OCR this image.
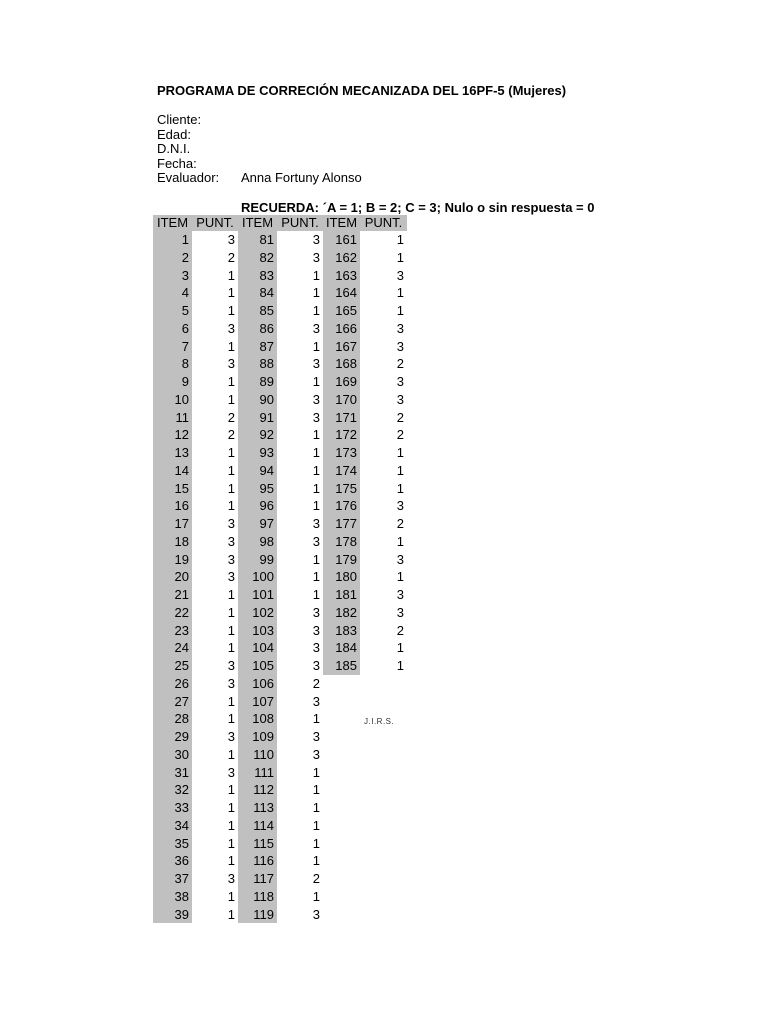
PROGRAMA DE CORRECIÓN MECANIZADA DEL 16PF-5 (Mujeres)
Cliente:
Edad:
D.N.I.
Fecha:
Evaluador: Anna Fortuny Alonso
RECUERDA: ´A = 1; B = 2; C = 3; Nulo o sin respuesta = 0
ITEM
1
2
3
4
5
6
7
8
9
10
11
12
13
14
15
16
17
18
19
20
21
22
23
24
25
26
27
28
29
30
31
32
33
34
35
36
37
38
39
PUNT.
3
2
1
1
1
3
1
3
1
1
2
2
1
1
1
1
3
3
3
3
1
1
1
1
3
3
1
1
3
1
3
1
1
1
1
1
3
1
1
ITEM
81
82
83
84
85
86
87
88
89
90
91
92
93
94
95
96
97
98
99
100
101
102
103
104
105
106
107
108
109
110
111
112
113
114
115
116
117
118
119
PUNT.
3
3
1
1
1
3
1
3
1
3
3
1
1
1
1
1
3
3
1
1
1
3
3
3
3
2
3
1
3
3
1
1
1
1
1
1
2
1
3
ITEM
161
162
163
164
165
166
167
168
169
170
171
172
173
174
175
176
177
178
179
180
181
182
183
184
185
PUNT.
1
1
3
1
1
3
3
2
3
3
2
2
1
1
1
3
2
1
3
1
3
3
2
1
1
J.I.R.S.
